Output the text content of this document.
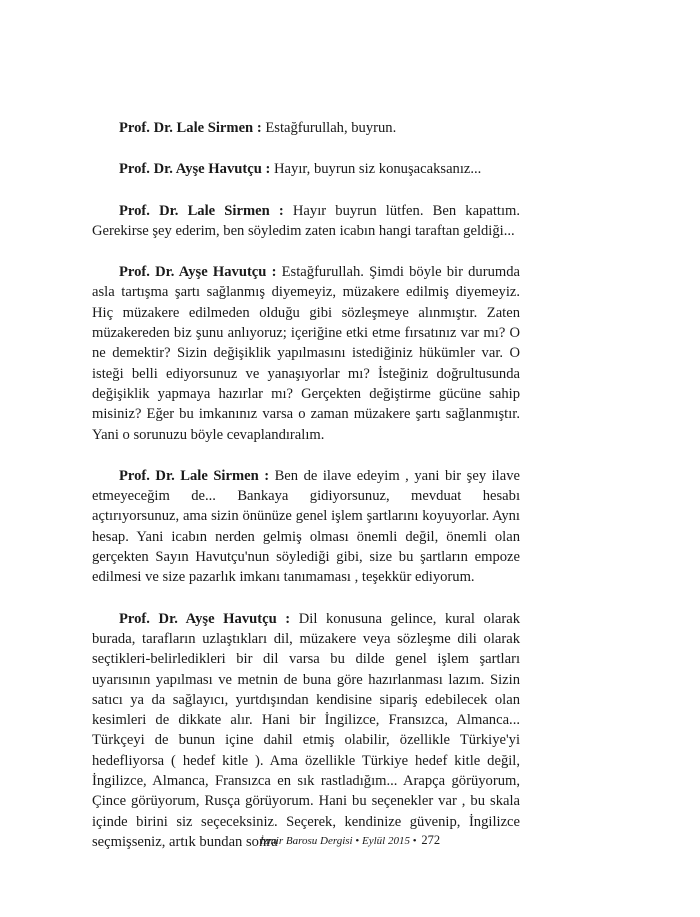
Prof. Dr. Lale Sirmen : Estağfurullah, buyrun.

Prof. Dr. Ayşe Havutçu : Hayır, buyrun siz konuşacaksanız...

Prof. Dr. Lale Sirmen : Hayır buyrun lütfen. Ben kapattım. Gerekirse şey ederim, ben söyledim zaten icabın hangi taraftan geldiği...

Prof. Dr. Ayşe Havutçu : Estağfurullah. Şimdi böyle bir durumda asla tartışma şartı sağlanmış diyemeyiz, müzakere edilmiş diyemeyiz. Hiç müzakere edilmeden olduğu gibi sözleşmeye alınmıştır. Zaten müzakereden biz şunu anlıyoruz; içeriğine etki etme fırsatınız var mı? O ne demektir? Sizin değişiklik yapılmasını istediğiniz hükümler var. O isteği belli ediyorsunuz ve yanaşıyorlar mı? İsteğiniz doğrultusunda değişiklik yapmaya hazırlar mı? Gerçekten değiştirme gücüne sahip misiniz? Eğer bu imkanınız varsa o zaman müzakere şartı sağlanmıştır. Yani o sorunuzu böyle cevaplandıralım.

Prof. Dr. Lale Sirmen : Ben de ilave edeyim , yani bir şey ilave etmeyeceğim de... Bankaya gidiyorsunuz, mevduat hesabı açtırıyorsunuz, ama sizin önünüze genel işlem şartlarını koyuyorlar. Aynı hesap. Yani icabın nerden gelmiş olması önemli değil, önemli olan gerçekten Sayın Havutçu'nun söylediği gibi, size bu şartların empoze edilmesi ve size pazarlık imkanı tanımaması , teşekkür ediyorum.

Prof. Dr. Ayşe Havutçu : Dil konusuna gelince, kural olarak burada, tarafların uzlaştıkları dil, müzakere veya sözleşme dili olarak seçtikleri-belirledikleri bir dil varsa bu dilde genel işlem şartları uyarısının yapılması ve metnin de buna göre hazırlanması lazım. Sizin satıcı ya da sağlayıcı, yurtdışından kendisine sipariş edebilecek olan kesimleri de dikkate alır. Hani bir İngilizce, Fransızca, Almanca... Türkçeyi de bunun içine dahil etmiş olabilir, özellikle Türkiye'yi hedefliyorsa ( hedef kitle ). Ama özellikle Türkiye hedef kitle değil, İngilizce, Almanca, Fransızca en sık rastladığım... Arapça görüyorum, Çince görüyorum, Rusça görüyorum. Hani bu seçenekler var , bu skala içinde birini siz seçeceksiniz. Seçerek, kendinize güvenip, İngilizce seçmişseniz, artık bundan sonra

İzmir Barosu Dergisi • Eylül 2015 • 272
